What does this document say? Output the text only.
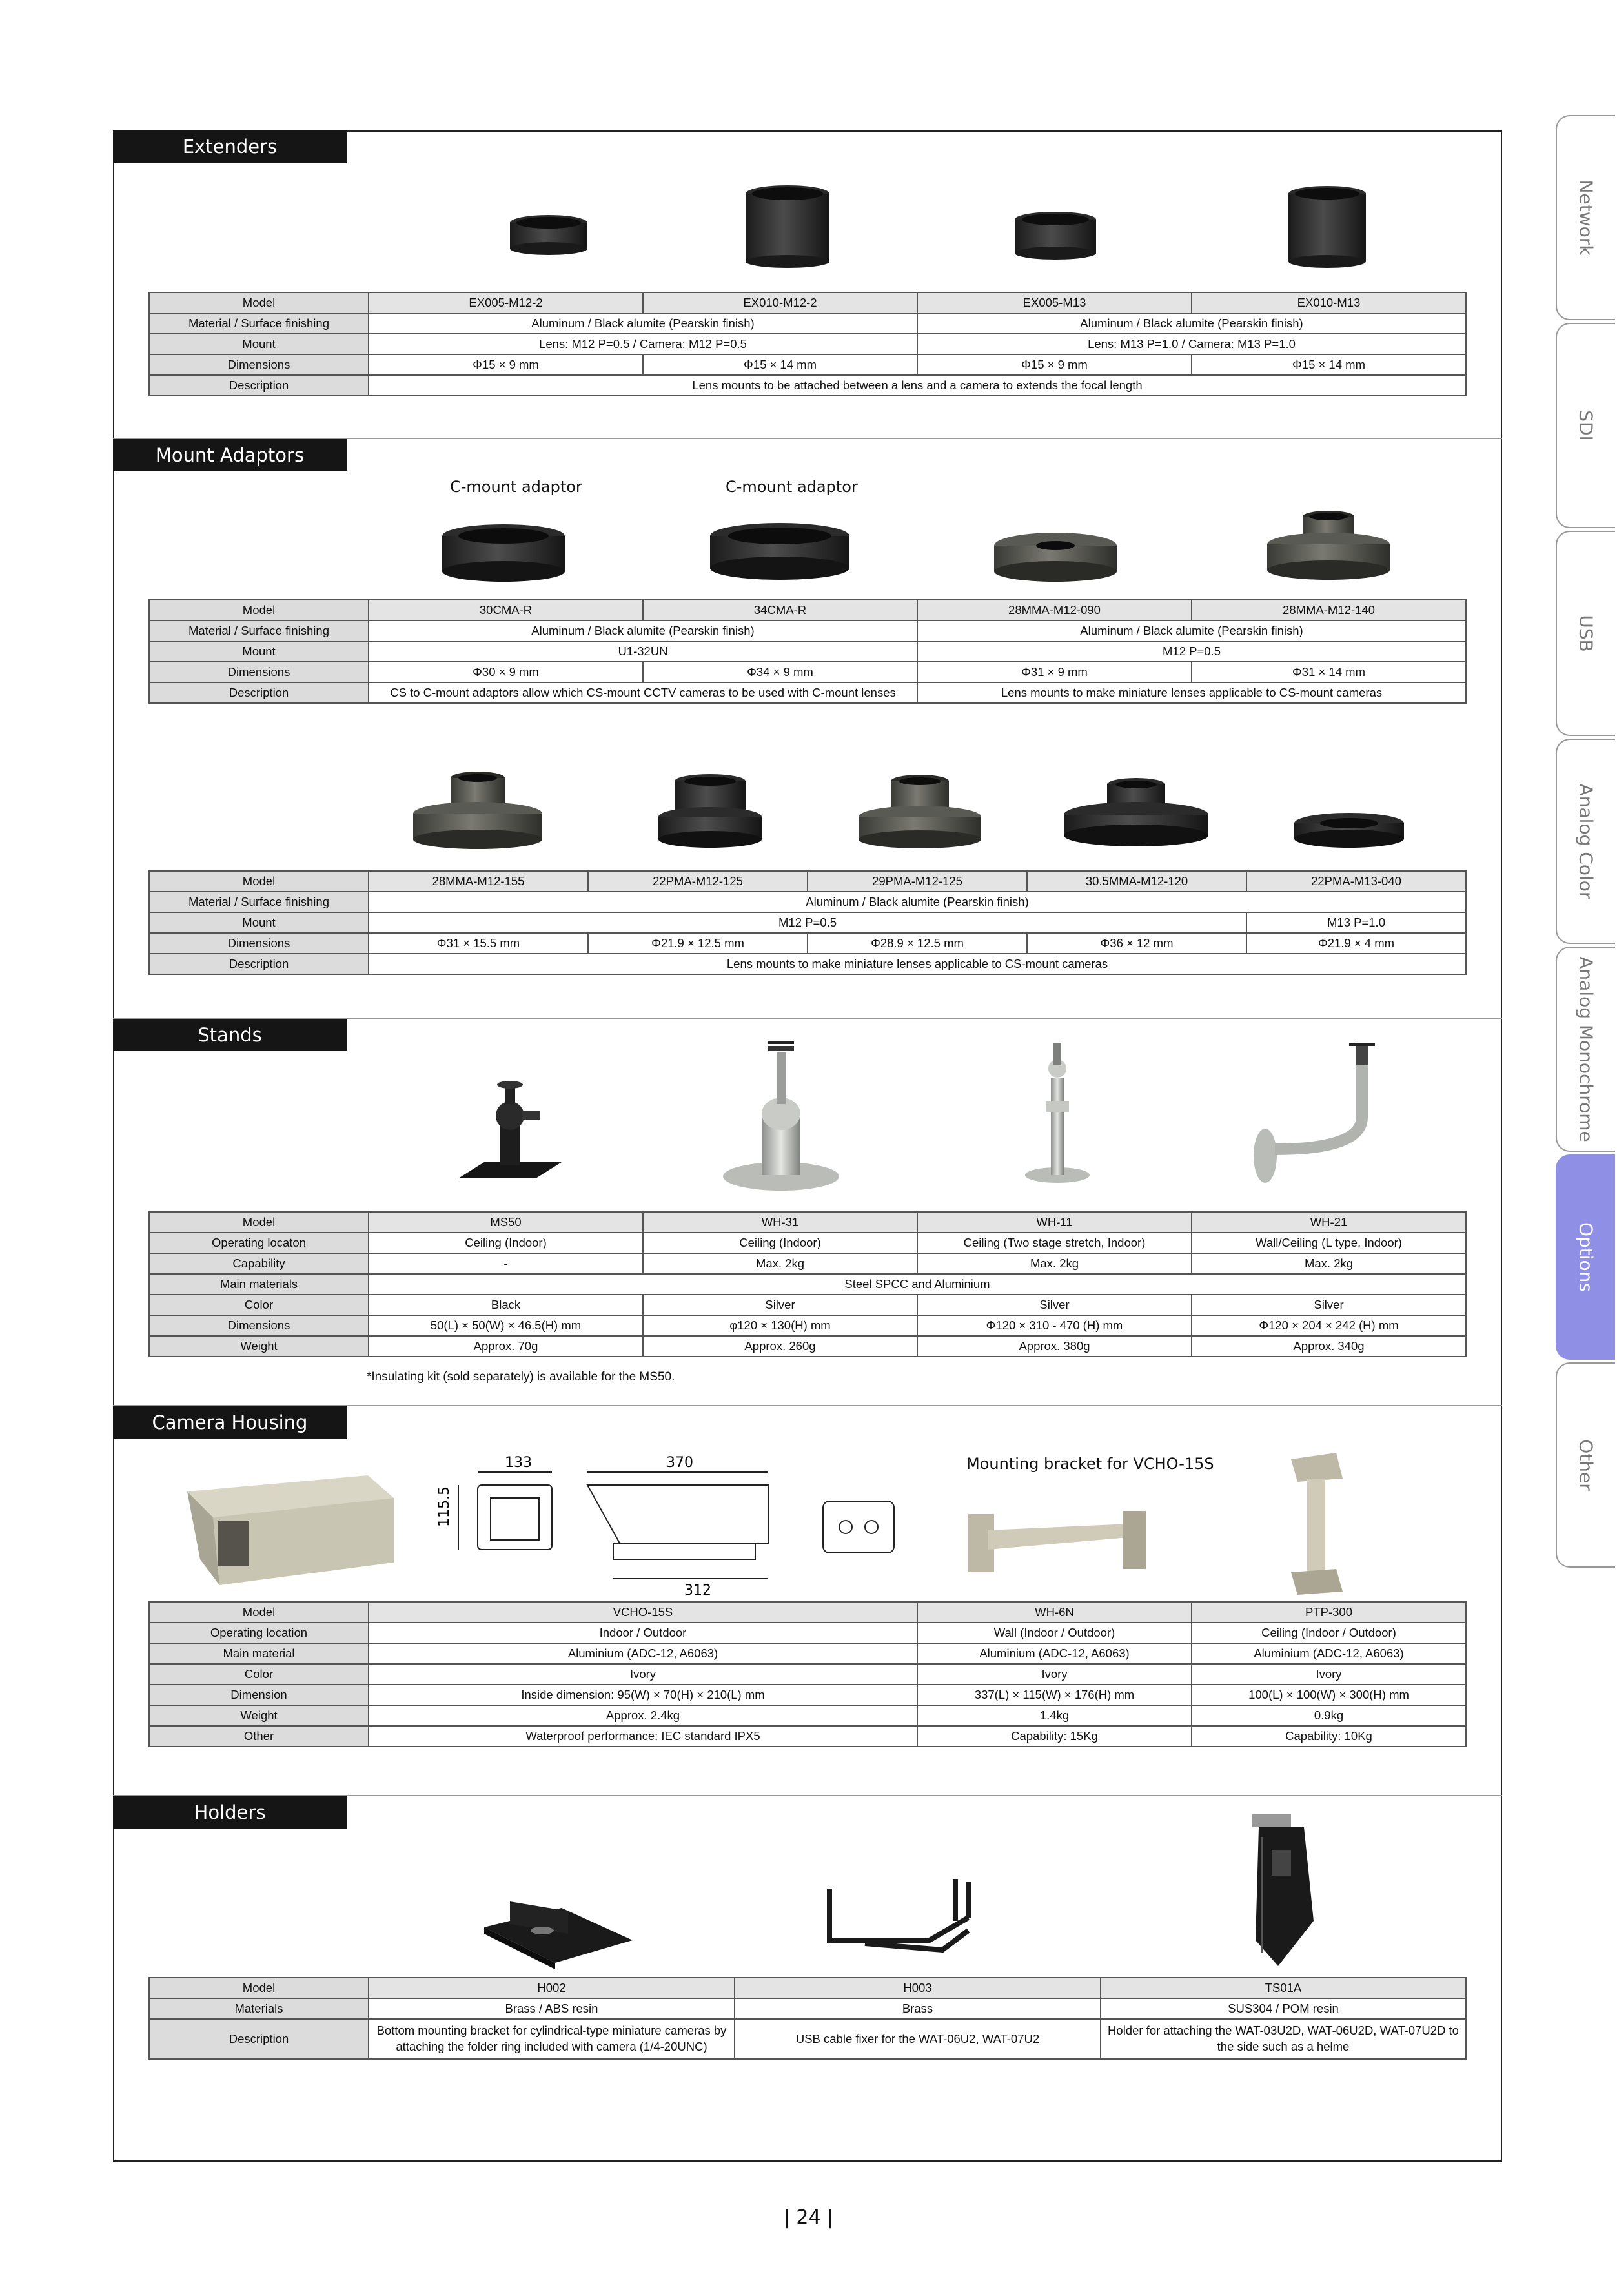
Network
SDI
USB
Analog Color
Analog Monochrome
Options
Other
Extenders
Model	EX005-M12-2	EX010-M12-2	EX005-M13	EX010-M13
Material / Surface finishing	Aluminum / Black alumite (Pearskin finish)		Aluminum / Black alumite (Pearskin finish)	
Mount	Lens: M12 P=0.5 / Camera: M12 P=0.5		Lens: M13 P=1.0 / Camera: M13 P=1.0	
Dimensions	Φ15 × 9 mm	Φ15 × 14 mm	Φ15 × 9 mm	Φ15 × 14 mm
Description	Lens mounts to be attached between a lens and a camera to extends the focal length			
Mount Adaptors
C-mount adaptor	C-mount adaptor
Model	30CMA-R	34CMA-R	28MMA-M12-090	28MMA-M12-140
Material / Surface finishing	Aluminum / Black alumite (Pearskin finish)		Aluminum / Black alumite (Pearskin finish)	
Mount	U1-32UN		M12 P=0.5	
Dimensions	Φ30 × 9 mm	Φ34 × 9 mm	Φ31 × 9 mm	Φ31 × 14 mm
Description	CS to C-mount adaptors allow which CS-mount CCTV cameras to be used with C-mount lenses		Lens mounts to make miniature lenses applicable to CS-mount cameras	
Model	28MMA-M12-155	22PMA-M12-125	29PMA-M12-125	30.5MMA-M12-120	22PMA-M13-040
Material / Surface finishing	Aluminum / Black alumite (Pearskin finish)				
Mount	M12 P=0.5				M13 P=1.0
Dimensions	Φ31 × 15.5 mm	Φ21.9 × 12.5 mm	Φ28.9 × 12.5 mm	Φ36 × 12 mm	Φ21.9 × 4 mm
Description	Lens mounts to make miniature lenses applicable to CS-mount cameras				
Stands
Model	MS50	WH-31	WH-11	WH-21
Operating locaton	Ceiling (Indoor)	Ceiling (Indoor)	Ceiling (Two stage stretch, Indoor)	Wall/Ceiling (L type, Indoor)
Capability	-	Max. 2kg	Max. 2kg	Max. 2kg
Main materials	Steel SPCC and Aluminium			
Color	Black	Silver	Silver	Silver
Dimensions	50(L) × 50(W) × 46.5(H) mm	φ120 × 130(H) mm	Φ120 × 310 - 470 (H) mm	Φ120 × 204 × 242 (H) mm
Weight	Approx. 70g	Approx. 260g	Approx. 380g	Approx. 340g
*Insulating kit (sold separately) is available for the MS50.
Camera Housing
133
115.5
370
312
Mounting bracket for VCHO-15S
Model	VCHO-15S	WH-6N	PTP-300
Operating location	Indoor / Outdoor	Wall (Indoor / Outdoor)	Ceiling (Indoor / Outdoor)
Main material	Aluminium (ADC-12, A6063)	Aluminium (ADC-12, A6063)	Aluminium (ADC-12, A6063)
Color	Ivory	Ivory	Ivory
Dimension	Inside dimension: 95(W) × 70(H) × 210(L) mm	337(L) × 115(W) × 176(H) mm	100(L) × 100(W) × 300(H) mm
Weight	Approx. 2.4kg	1.4kg	0.9kg
Other	Waterproof performance: IEC standard IPX5	Capability: 15Kg	Capability: 10Kg
Holders
Model	H002	H003	TS01A
Materials	Brass / ABS resin	Brass	SUS304 / POM resin
Description	Bottom mounting bracket for cylindrical-type miniature cameras by attaching the folder ring included with camera (1/4-20UNC)	USB cable fixer for the WAT-06U2, WAT-07U2	Holder for attaching the WAT-03U2D, WAT-06U2D, WAT-07U2D to the side such as a helme
| 24 |
